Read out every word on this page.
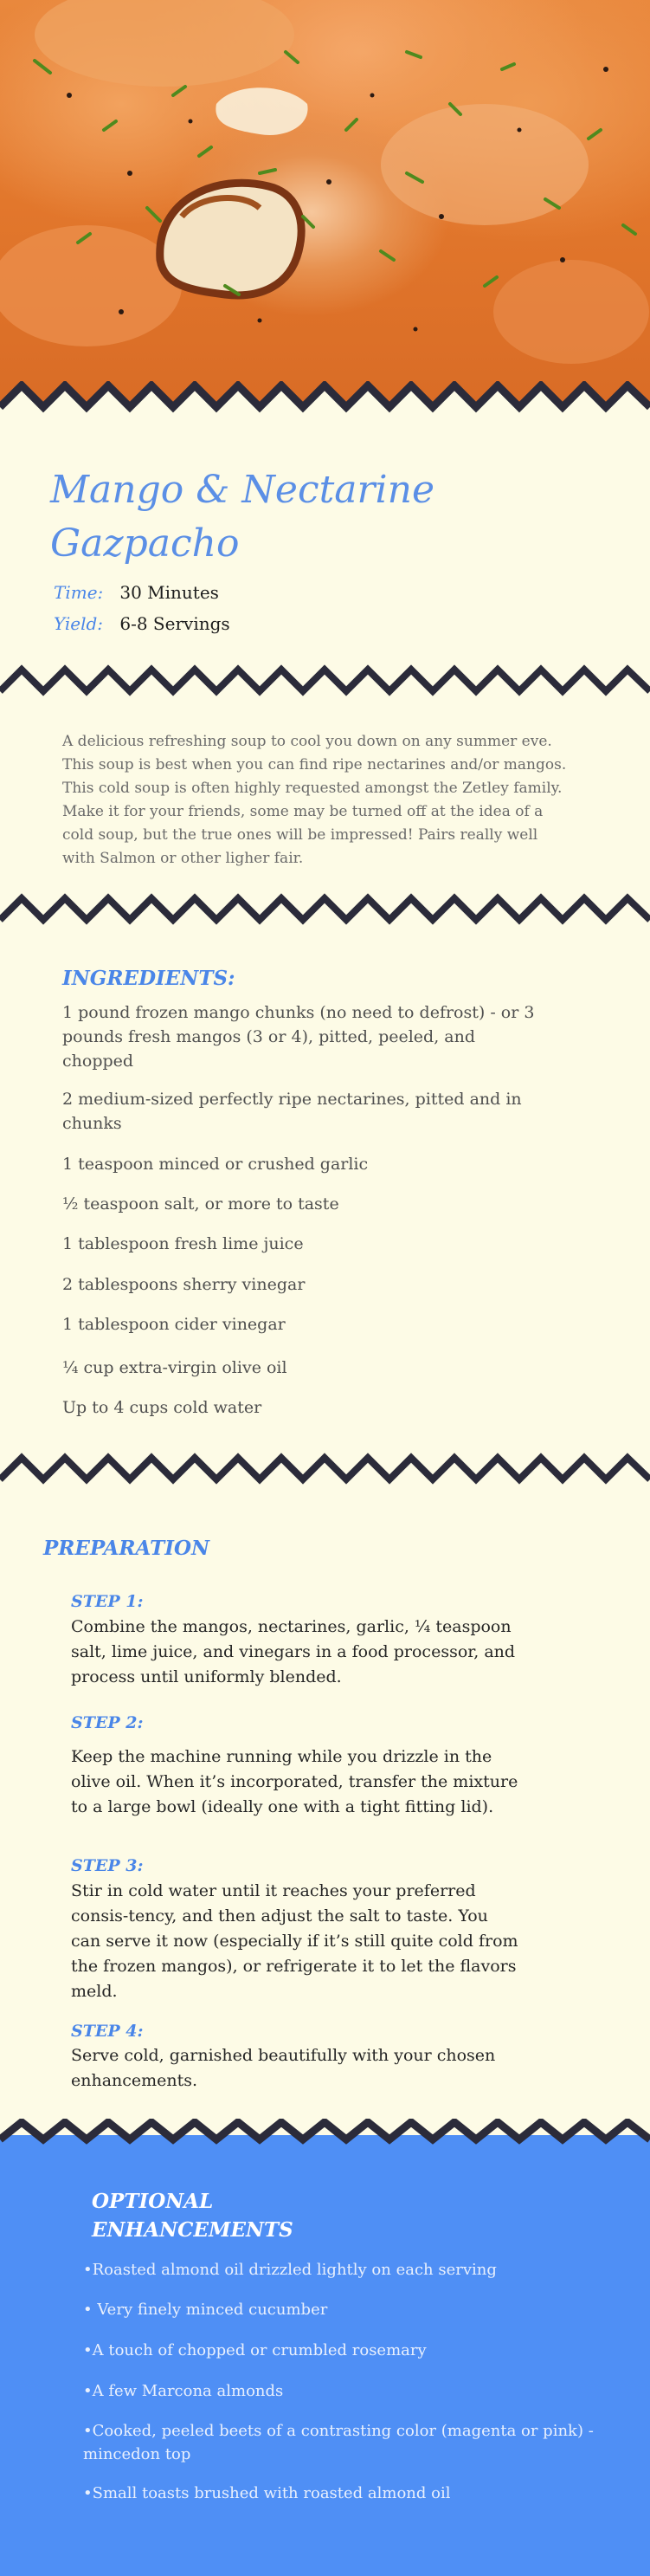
Mango & Nectarine Gazpacho
Time: 30 Minutes
Yield: 6-8 Servings

A delicious refreshing soup to cool you down on any summer eve. This soup is best when you can find ripe nectarines and/or mangos. This cold soup is often highly requested amongst the Zetley family. Make it for your friends, some may be turned off at the idea of a cold soup, but the true ones will be impressed! Pairs really well with Salmon or other ligher fair.

INGREDIENTS:
1 pound frozen mango chunks (no need to defrost) - or 3 pounds fresh mangos (3 or 4), pitted, peeled, and chopped
2 medium-sized perfectly ripe nectarines, pitted and in chunks
1 teaspoon minced or crushed garlic
½ teaspoon salt, or more to taste
1 tablespoon fresh lime juice
2 tablespoons sherry vinegar
1 tablespoon cider vinegar
¼ cup extra-virgin olive oil
Up to 4 cups cold water
PREPARATION
STEP 1:
Combine the mangos, nectarines, garlic, ¼ teaspoon salt, lime juice, and vinegars in a food processor, and process until uniformly blended.
STEP 2:
Keep the machine running while you drizzle in the olive oil. When it’s incorporated, transfer the mixture to a large bowl (ideally one with a tight fitting lid).
STEP 3:
Stir in cold water until it reaches your preferred consis-tency, and then adjust the salt to taste. You can serve it now (especially if it’s still quite cold from the frozen mangos), or refrigerate it to let the flavors meld.
STEP 4:
Serve cold, garnished beautifully with your chosen enhancements.
OPTIONAL ENHANCEMENTS
•Roasted almond oil drizzled lightly on each serving
• Very finely minced cucumber
•A touch of chopped or crumbled rosemary
•A few Marcona almonds
•Cooked, peeled beets of a contrasting color (magenta or pink) - mincedon top
•Small toasts brushed with roasted almond oil
